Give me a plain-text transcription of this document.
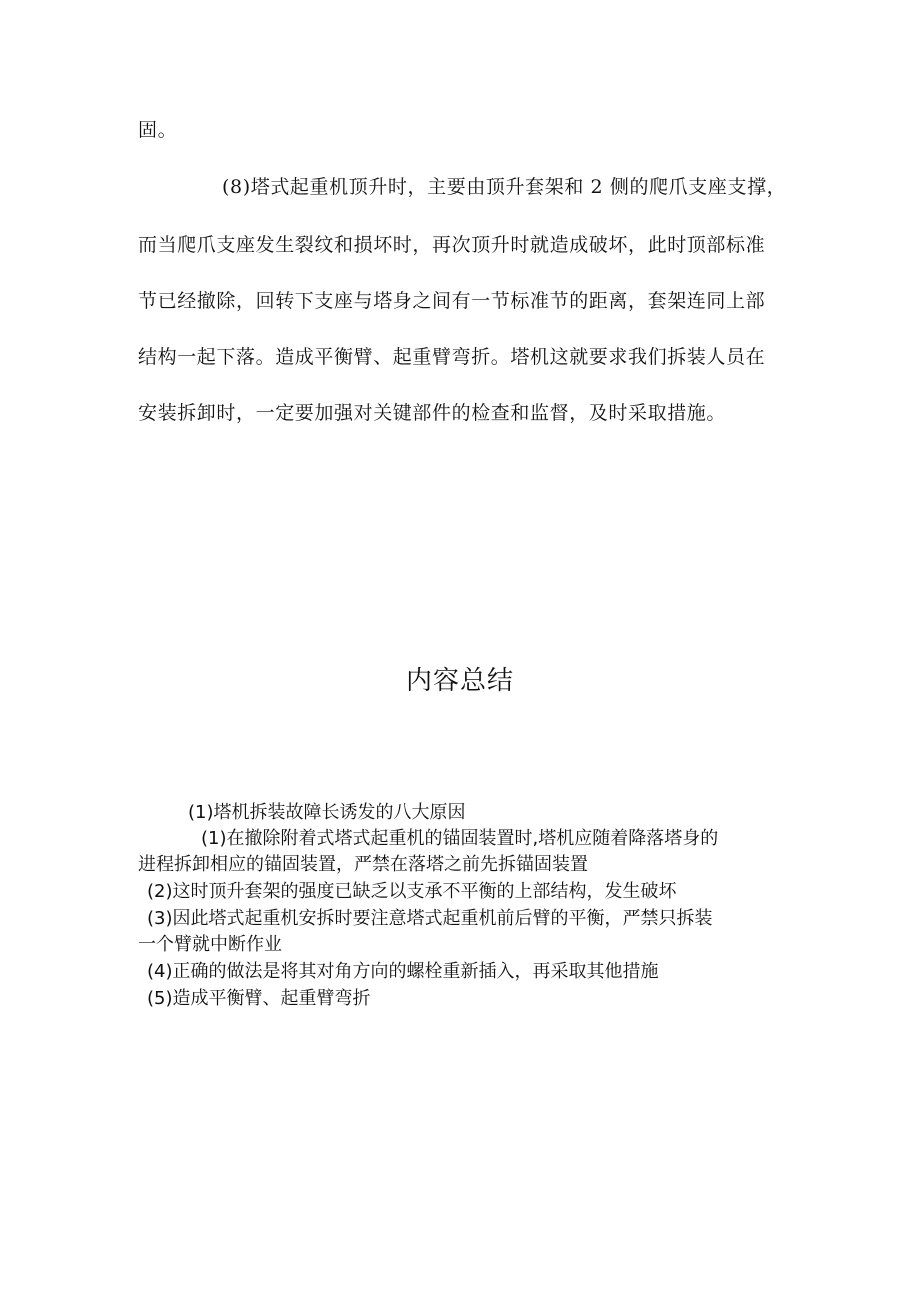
固。
(8)塔式起重机顶升时，主要由顶升套架和 2 侧的爬爪支座支撑，
而当爬爪支座发生裂纹和损坏时，再次顶升时就造成破坏，此时顶部标准
节已经撤除，回转下支座与塔身之间有一节标准节的距离，套架连同上部
结构一起下落。造成平衡臂、起重臂弯折。塔机这就要求我们拆装人员在
安装拆卸时，一定要加强对关键部件的检查和监督，及时采取措施。
内容总结
(1)塔机拆装故障长诱发的八大原因
(1)在撤除附着式塔式起重机的锚固装置时,塔机应随着降落塔身的
进程拆卸相应的锚固装置，严禁在落塔之前先拆锚固装置
(2)这时顶升套架的强度已缺乏以支承不平衡的上部结构，发生破坏
(3)因此塔式起重机安拆时要注意塔式起重机前后臂的平衡，严禁只拆装
一个臂就中断作业
(4)正确的做法是将其对角方向的螺栓重新插入，再采取其他措施
(5)造成平衡臂、起重臂弯折
